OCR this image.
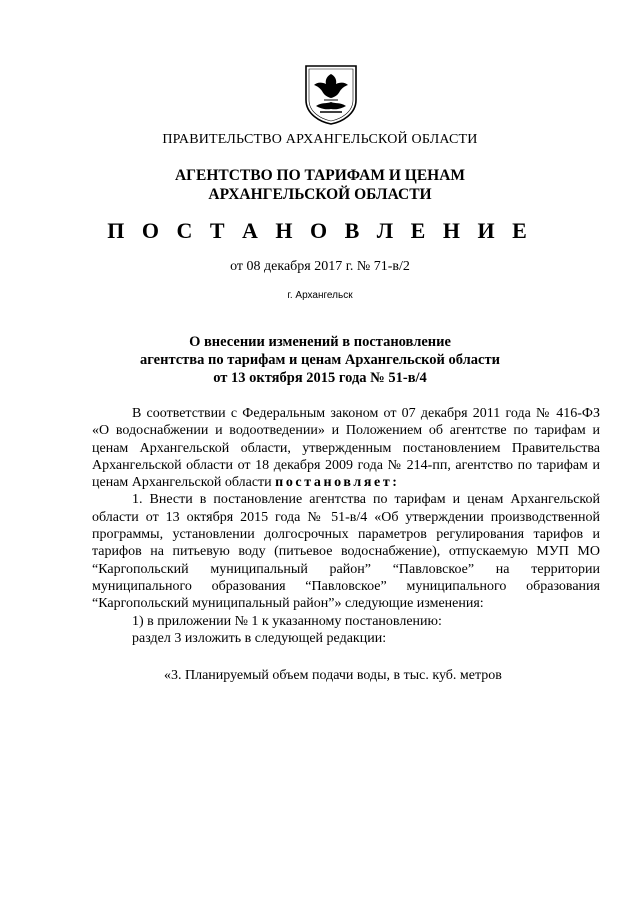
ПРАВИТЕЛЬСТВО АРХАНГЕЛЬСКОЙ ОБЛАСТИ
АГЕНТСТВО ПО ТАРИФАМ И ЦЕНАМ
АРХАНГЕЛЬСКОЙ ОБЛАСТИ
П О С Т А Н О В Л Е Н И Е
от 08 декабря 2017 г. № 71-в/2
г. Архангельск
О внесении изменений в постановление
агентства по тарифам и ценам Архангельской области
от 13 октября 2015 года № 51-в/4

В соответствии с Федеральным законом от 07 декабря 2011 года № 416-ФЗ «О водоснабжении и водоотведении» и Положением об агентстве по тарифам и ценам Архангельской области, утвержденным постановлением Правительства Архангельской области от 18 декабря 2009 года № 214-пп, агентство по тарифам и ценам Архангельской области постановляет:

1. Внести в постановление агентства по тарифам и ценам Архангельской области от 13 октября 2015 года № 51-в/4 «Об утверждении производственной программы, установлении долгосрочных параметров регулирования тарифов и тарифов на питьевую воду (питьевое водоснабжение), отпускаемую МУП МО “Каргопольский муниципальный район” “Павловское” на территории муниципального образования “Павловское” муниципального образования “Каргопольский муниципальный район”» следующие изменения:

1) в приложении № 1 к указанному постановлению:

раздел 3 изложить в следующей редакции:

«3. Планируемый объем подачи воды, в тыс. куб. метров
